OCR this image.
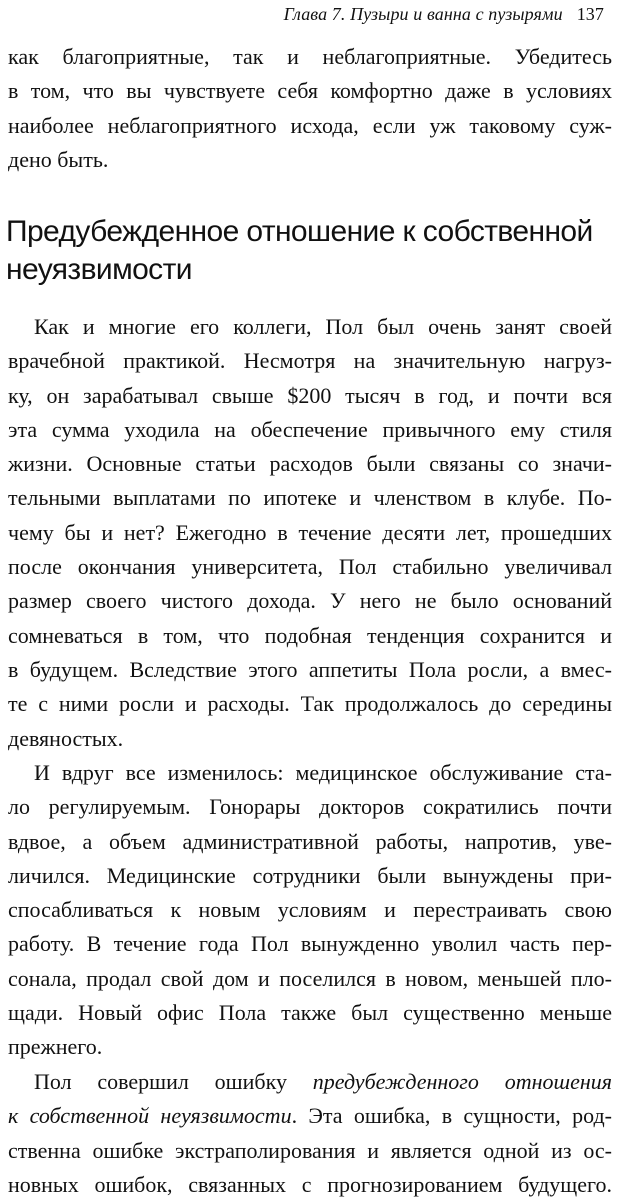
Глава 7. Пузыри и ванна с пузырями 137
как благоприятные, так и неблагоприятные. Убедитесь
в том, что вы чувствуете себя комфортно даже в условиях
наиболее неблагоприятного исхода, если уж таковому суж-
дено быть.
Предубежденное отношение к собственной
неуязвимости
Как и многие его коллеги, Пол был очень занят своей
врачебной практикой. Несмотря на значительную нагруз-
ку, он зарабатывал свыше $200 тысяч в год, и почти вся
эта сумма уходила на обеспечение привычного ему стиля
жизни. Основные статьи расходов были связаны со значи-
тельными выплатами по ипотеке и членством в клубе. По-
чему бы и нет? Ежегодно в течение десяти лет, прошедших
после окончания университета, Пол стабильно увеличивал
размер своего чистого дохода. У него не было оснований
сомневаться в том, что подобная тенденция сохранится и
в будущем. Вследствие этого аппетиты Пола росли, а вмес-
те с ними росли и расходы. Так продолжалось до середины
девяностых.
И вдруг все изменилось: медицинское обслуживание ста-
ло регулируемым. Гонорары докторов сократились почти
вдвое, а объем административной работы, напротив, уве-
личился. Медицинские сотрудники были вынуждены при-
спосабливаться к новым условиям и перестраивать свою
работу. В течение года Пол вынужденно уволил часть пер-
сонала, продал свой дом и поселился в новом, меньшей пло-
щади. Новый офис Пола также был существенно меньше
прежнего.
Пол совершил ошибку предубежденного отношения
к собственной неуязвимости. Эта ошибка, в сущности, род-
ственна ошибке экстраполирования и является одной из ос-
новных ошибок, связанных с прогнозированием будущего.
